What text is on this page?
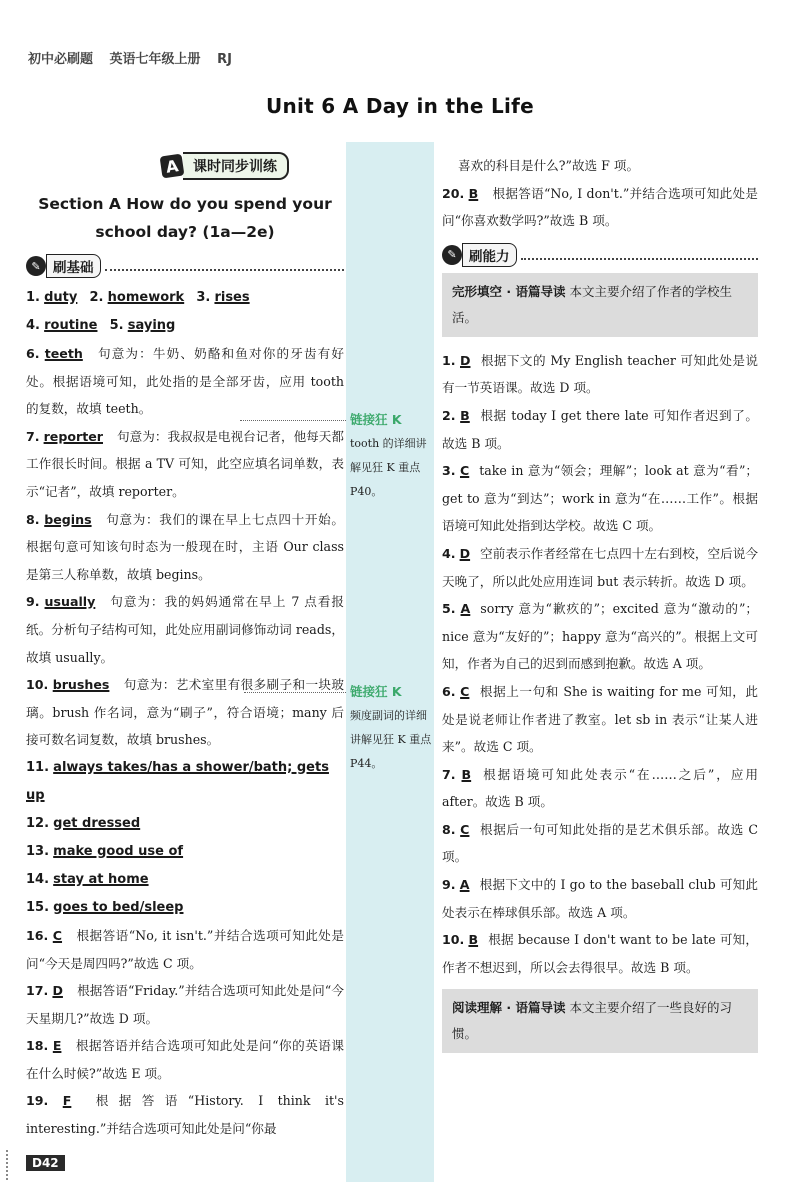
初中必刷题 英语七年级上册 RJ
Unit 6 A Day in the Life
A 课时同步训练
Section A How do you spend your
school day? (1a—2e)
✎ 刷基础
1. duty 2. homework 3. rises
4. routine 5. saying
6. teeth 句意为：牛奶、奶酪和鱼对你的牙齿有好处。根据语境可知，此处指的是全部牙齿，应用 tooth 的复数，故填 teeth。
7. reporter 句意为：我叔叔是电视台记者，他每天都工作很长时间。根据 a TV 可知，此空应填名词单数，表示“记者”，故填 reporter。
8. begins 句意为：我们的课在早上七点四十开始。根据句意可知该句时态为一般现在时，主语 Our class 是第三人称单数，故填 begins。
9. usually 句意为：我的妈妈通常在早上 7 点看报纸。分析句子结构可知，此处应用副词修饰动词 reads，故填 usually。
10. brushes 句意为：艺术室里有很多刷子和一块玻璃。brush 作名词，意为“刷子”，符合语境；many 后接可数名词复数，故填 brushes。
11. always takes/has a shower/bath; gets up
12. get dressed
13. make good use of
14. stay at home
15. goes to bed/sleep
16. C 根据答语“No, it isn't.”并结合选项可知此处是问“今天是周四吗?”故选 C 项。
17. D 根据答语“Friday.”并结合选项可知此处是问“今天星期几?”故选 D 项。
18. E 根据答语并结合选项可知此处是问“你的英语课在什么时候?”故选 E 项。
19. F 根据答语“History. I think it's interesting.”并结合选项可知此处是问“你最
链接狂 K
tooth 的详细讲解见狂 K 重点 P40。
链接狂 K
频度副词的详细讲解见狂 K 重点 P44。
喜欢的科目是什么?”故选 F 项。
20. B 根据答语“No, I don't.”并结合选项可知此处是问“你喜欢数学吗?”故选 B 项。
✎ 刷能力
完形填空 · 语篇导读 本文主要介绍了作者的学校生活。
1. D 根据下文的 My English teacher 可知此处是说有一节英语课。故选 D 项。
2. B 根据 today I get there late 可知作者迟到了。故选 B 项。
3. C take in 意为“领会；理解”；look at 意为“看”；get to 意为“到达”；work in 意为“在……工作”。根据语境可知此处指到达学校。故选 C 项。
4. D 空前表示作者经常在七点四十左右到校，空后说今天晚了，所以此处应用连词 but 表示转折。故选 D 项。
5. A sorry 意为“歉疚的”；excited 意为“激动的”；nice 意为“友好的”；happy 意为“高兴的”。根据上文可知，作者为自己的迟到而感到抱歉。故选 A 项。
6. C 根据上一句和 She is waiting for me 可知，此处是说老师让作者进了教室。let sb in 表示“让某人进来”。故选 C 项。
7. B 根据语境可知此处表示“在……之后”，应用 after。故选 B 项。
8. C 根据后一句可知此处指的是艺术俱乐部。故选 C 项。
9. A 根据下文中的 I go to the baseball club 可知此处表示在棒球俱乐部。故选 A 项。
10. B 根据 because I don't want to be late 可知，作者不想迟到，所以会去得很早。故选 B 项。
阅读理解 · 语篇导读 本文主要介绍了一些良好的习惯。
D42
